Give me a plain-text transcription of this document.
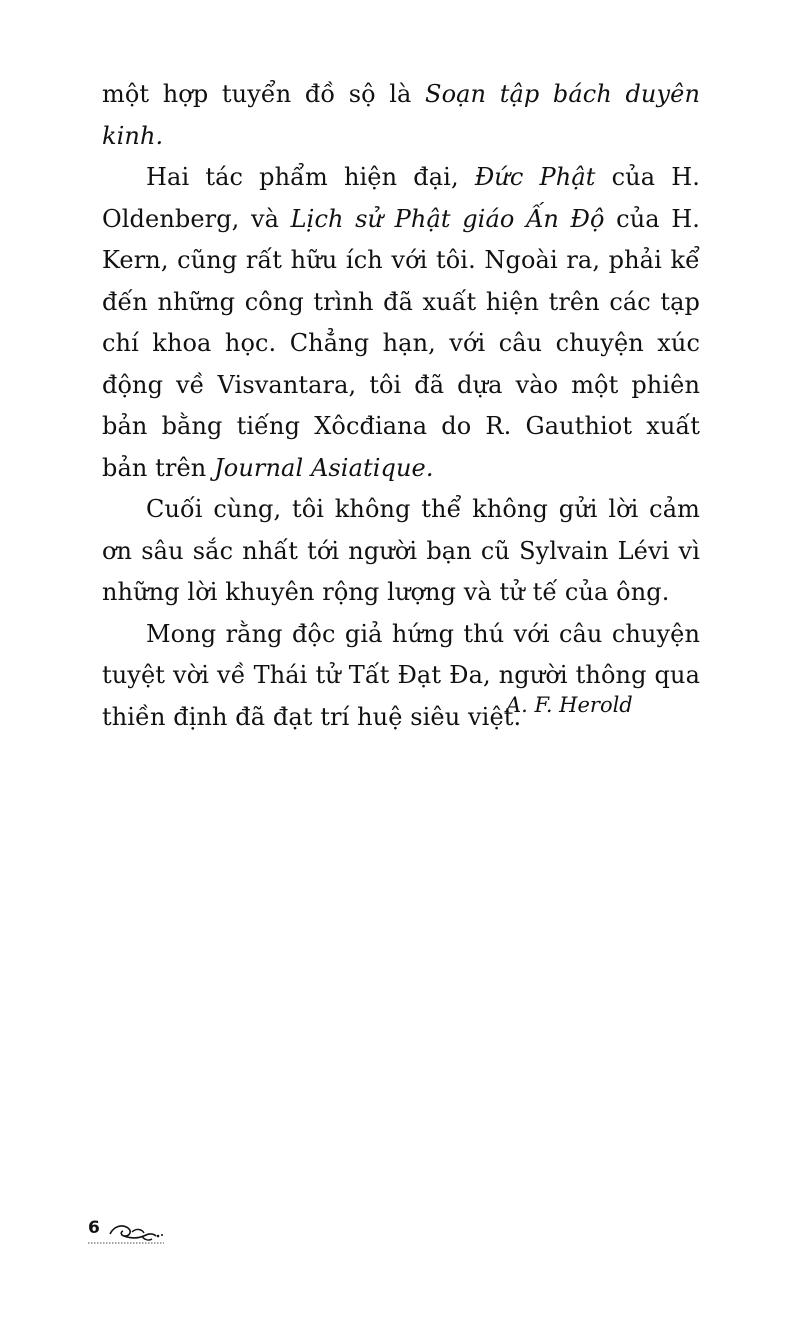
một hợp tuyển đồ sộ là Soạn tập bách duyên kinh.

Hai tác phẩm hiện đại, Đức Phật của H. Oldenberg, và Lịch sử Phật giáo Ấn Độ của H. Kern, cũng rất hữu ích với tôi. Ngoài ra, phải kể đến những công trình đã xuất hiện trên các tạp chí khoa học. Chẳng hạn, với câu chuyện xúc động về Visvantara, tôi đã dựa vào một phiên bản bằng tiếng Xôcđiana do R. Gauthiot xuất bản trên Journal Asiatique.

Cuối cùng, tôi không thể không gửi lời cảm ơn sâu sắc nhất tới người bạn cũ Sylvain Lévi vì những lời khuyên rộng lượng và tử tế của ông.

Mong rằng độc giả hứng thú với câu chuyện tuyệt vời về Thái tử Tất Đạt Đa, người thông qua thiền định đã đạt trí huệ siêu việt.

A. F. Herold
6
